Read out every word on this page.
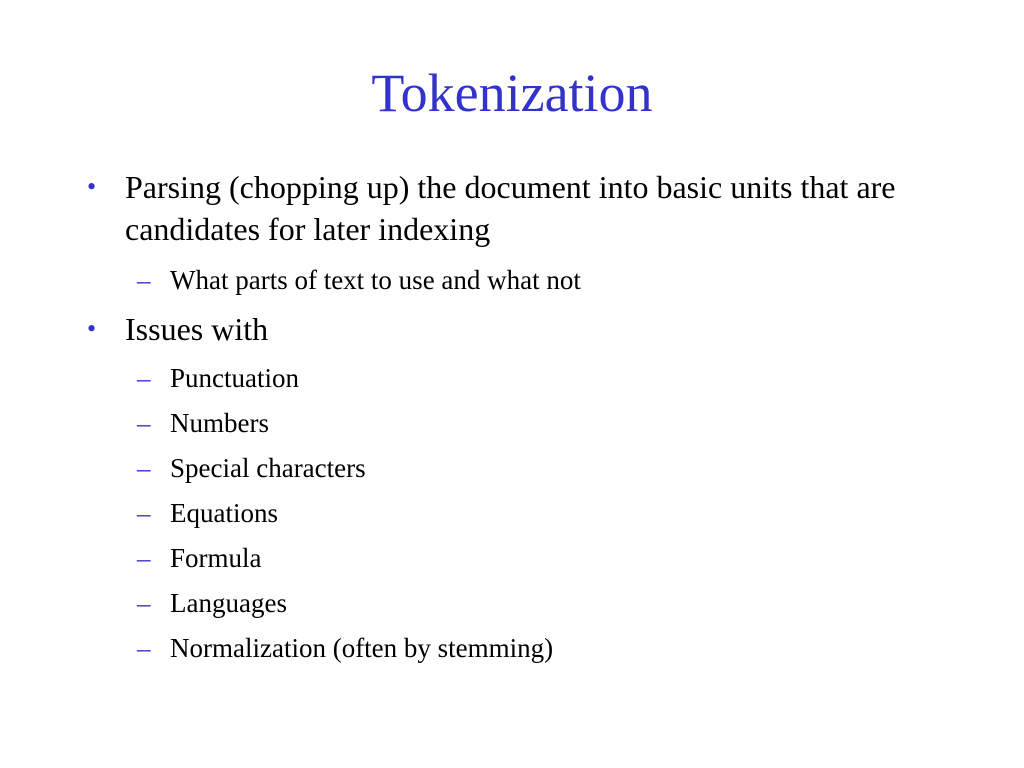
Tokenization
• Parsing (chopping up) the document into basic units that are candidates for later indexing
– What parts of text to use and what not
• Issues with
– Punctuation
– Numbers
– Special characters
– Equations
– Formula
– Languages
– Normalization (often by stemming)
